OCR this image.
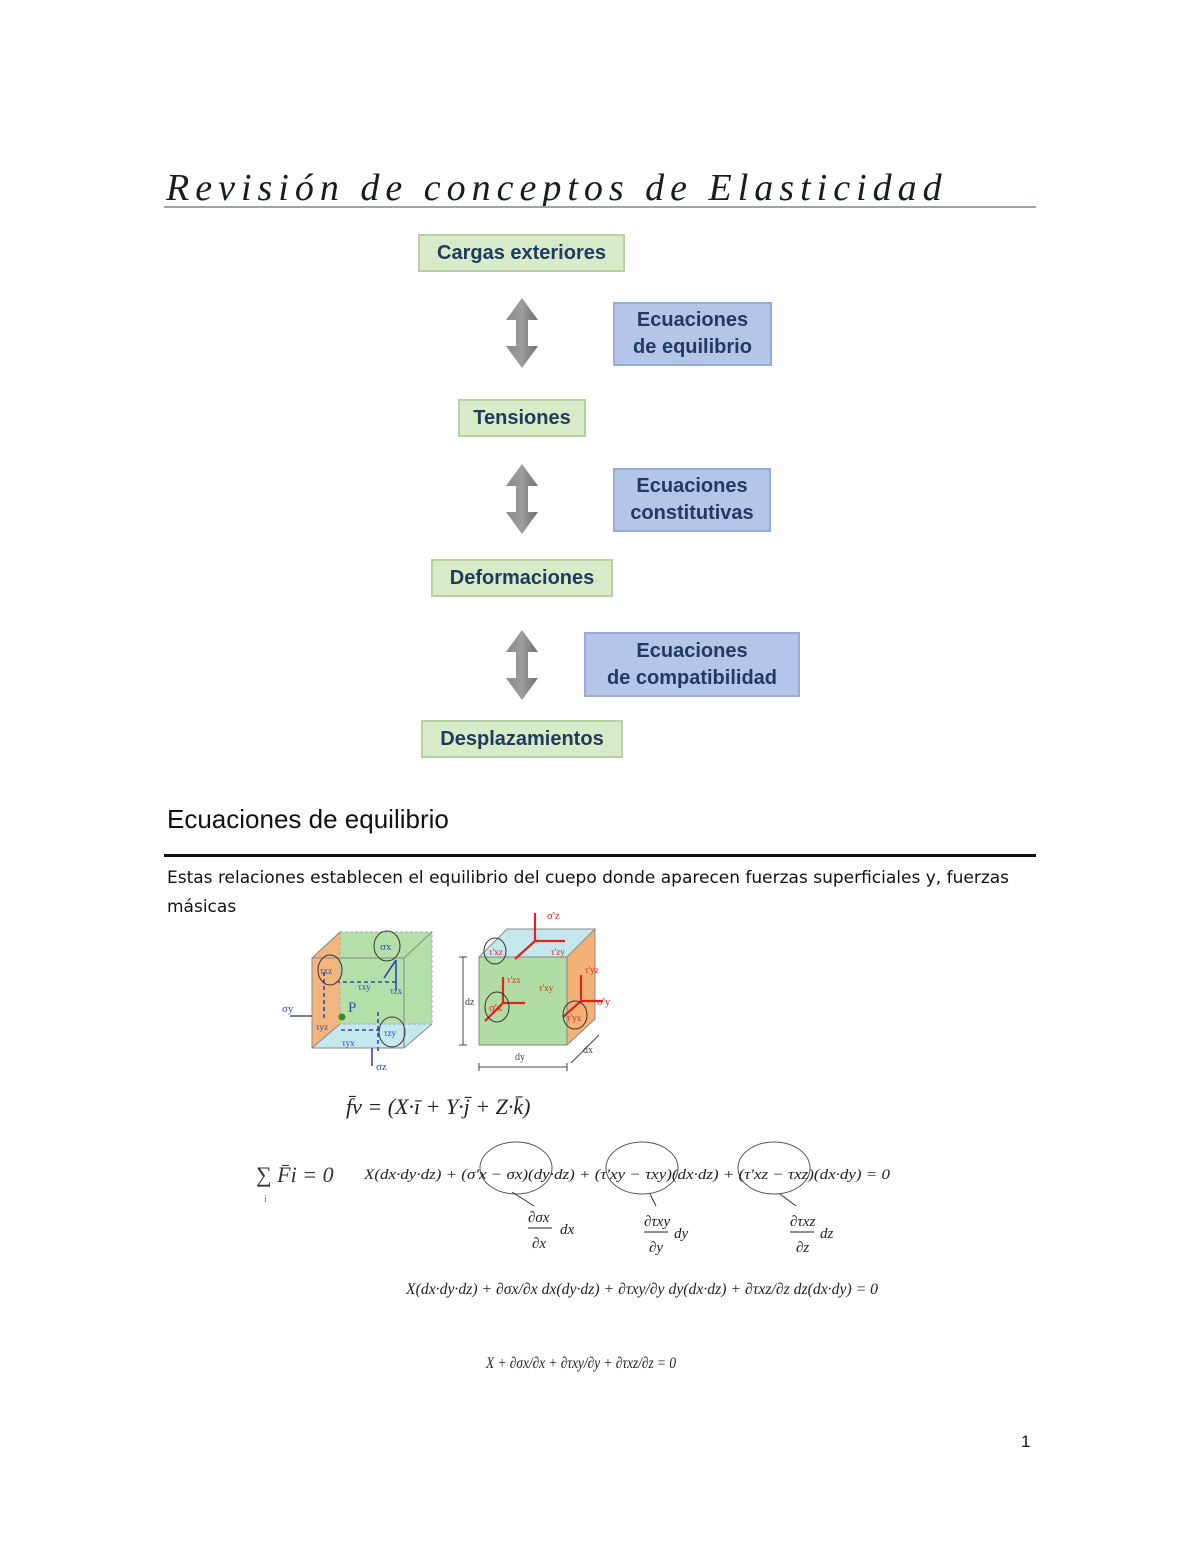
Revisión de conceptos de Elasticidad
Cargas exteriores
Ecuaciones
de equilibrio
Tensiones
Ecuaciones
constitutivas
Deformaciones
Ecuaciones
de compatibilidad
Desplazamientos
Ecuaciones de equilibrio
Estas relaciones establecen el equilibrio del cuepo donde aparecen fuerzas superficiales y, fuerzas másicas
P
σx
σy
σz
τxz
τxy τzx
τzy
τyz
τyx
σ'z
τ'xz	τ'zy
τ'zx
τ'xy
σ'x
τ'yz
σ'y
τ'yx
dz
dy
dx
f̄v = (X·ī + Y·j̄ + Z·k̄)
∑ F̄i = 0
i
X(dx·dy·dz) + (σ'x − σx)(dy·dz) + (τ'xy − τxy)(dx·dz) + (τ'xz − τxz)(dx·dy) = 0
∂σx
∂x
dx	∂τxy
∂y
dy
∂τxz
∂z
dz
X(dx·dy·dz) + ∂σx/∂x dx(dy·dz) + ∂τxy/∂y dy(dx·dz) + ∂τxz/∂z dz(dx·dy) = 0
X + ∂σx/∂x + ∂τxy/∂y + ∂τxz/∂z = 0
1
